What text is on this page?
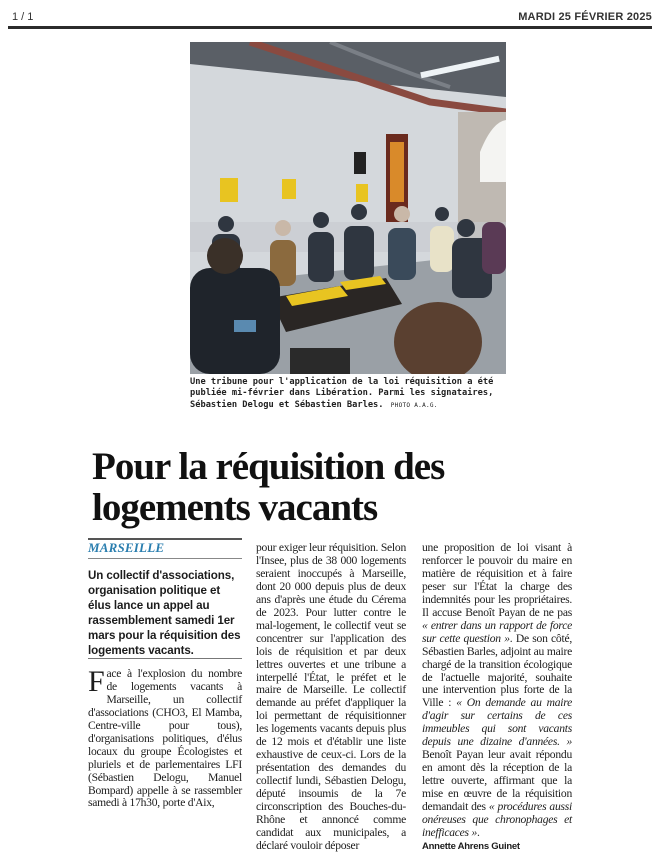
1 / 1	MARDI 25 FÉVRIER 2025
Une tribune pour l'application de la loi réquisition a été publiée mi-février dans Libération. Parmi les signataires, Sébastien Delogu et Sébastien Barles. PHOTO A.A.G.
Pour la réquisition des logements vacants
MARSEILLE

Un collectif d'associations, organisation politique et élus lance un appel au rassemblement samedi 1er mars pour la réquisition des logements vacants.

Face à l'explosion du nombre de logements vacants à Marseille, un collectif d'associations (CHO3, El Mamba, Centre-ville pour tous), d'organisations politiques, d'élus locaux du groupe Écologistes et pluriels et de parlementaires LFI (Sébastien Delogu, Manuel Bompard) appelle à se rassembler samedi à 17h30, porte d'Aix,

pour exiger leur réquisition. Selon l'Insee, plus de 38 000 logements seraient inoccupés à Marseille, dont 20 000 depuis plus de deux ans d'après une étude du Cérema de 2023. Pour lutter contre le mal-logement, le collectif veut se concentrer sur l'application des lois de réquisition et par deux lettres ouvertes et une tribune a interpellé l'État, le préfet et le maire de Marseille. Le collectif demande au préfet d'appliquer la loi permettant de réquisitionner les logements vacants depuis plus de 12 mois et d'établir une liste exhaustive de ceux-ci. Lors de la présentation des demandes du collectif lundi, Sébastien Delogu, député insoumis de la 7e circonscription des Bouches-du-Rhône et annoncé comme candidat aux municipales, a déclaré vouloir déposer

une proposition de loi visant à renforcer le pouvoir du maire en matière de réquisition et à faire peser sur l'État la charge des indemnités pour les propriétaires. Il accuse Benoît Payan de ne pas « entrer dans un rapport de force sur cette question ». De son côté, Sébastien Barles, adjoint au maire chargé de la transition écologique de l'actuelle majorité, souhaite une intervention plus forte de la Ville : « On demande au maire d'agir sur certains de ces immeubles qui sont vacants depuis une dizaine d'années. » Benoît Payan leur avait répondu en amont dès la réception de la lettre ouverte, affirmant que la mise en œuvre de la réquisition demandait des « procédures aussi onéreuses que chronophages et inefficaces ».

Annette Ahrens Guinet
